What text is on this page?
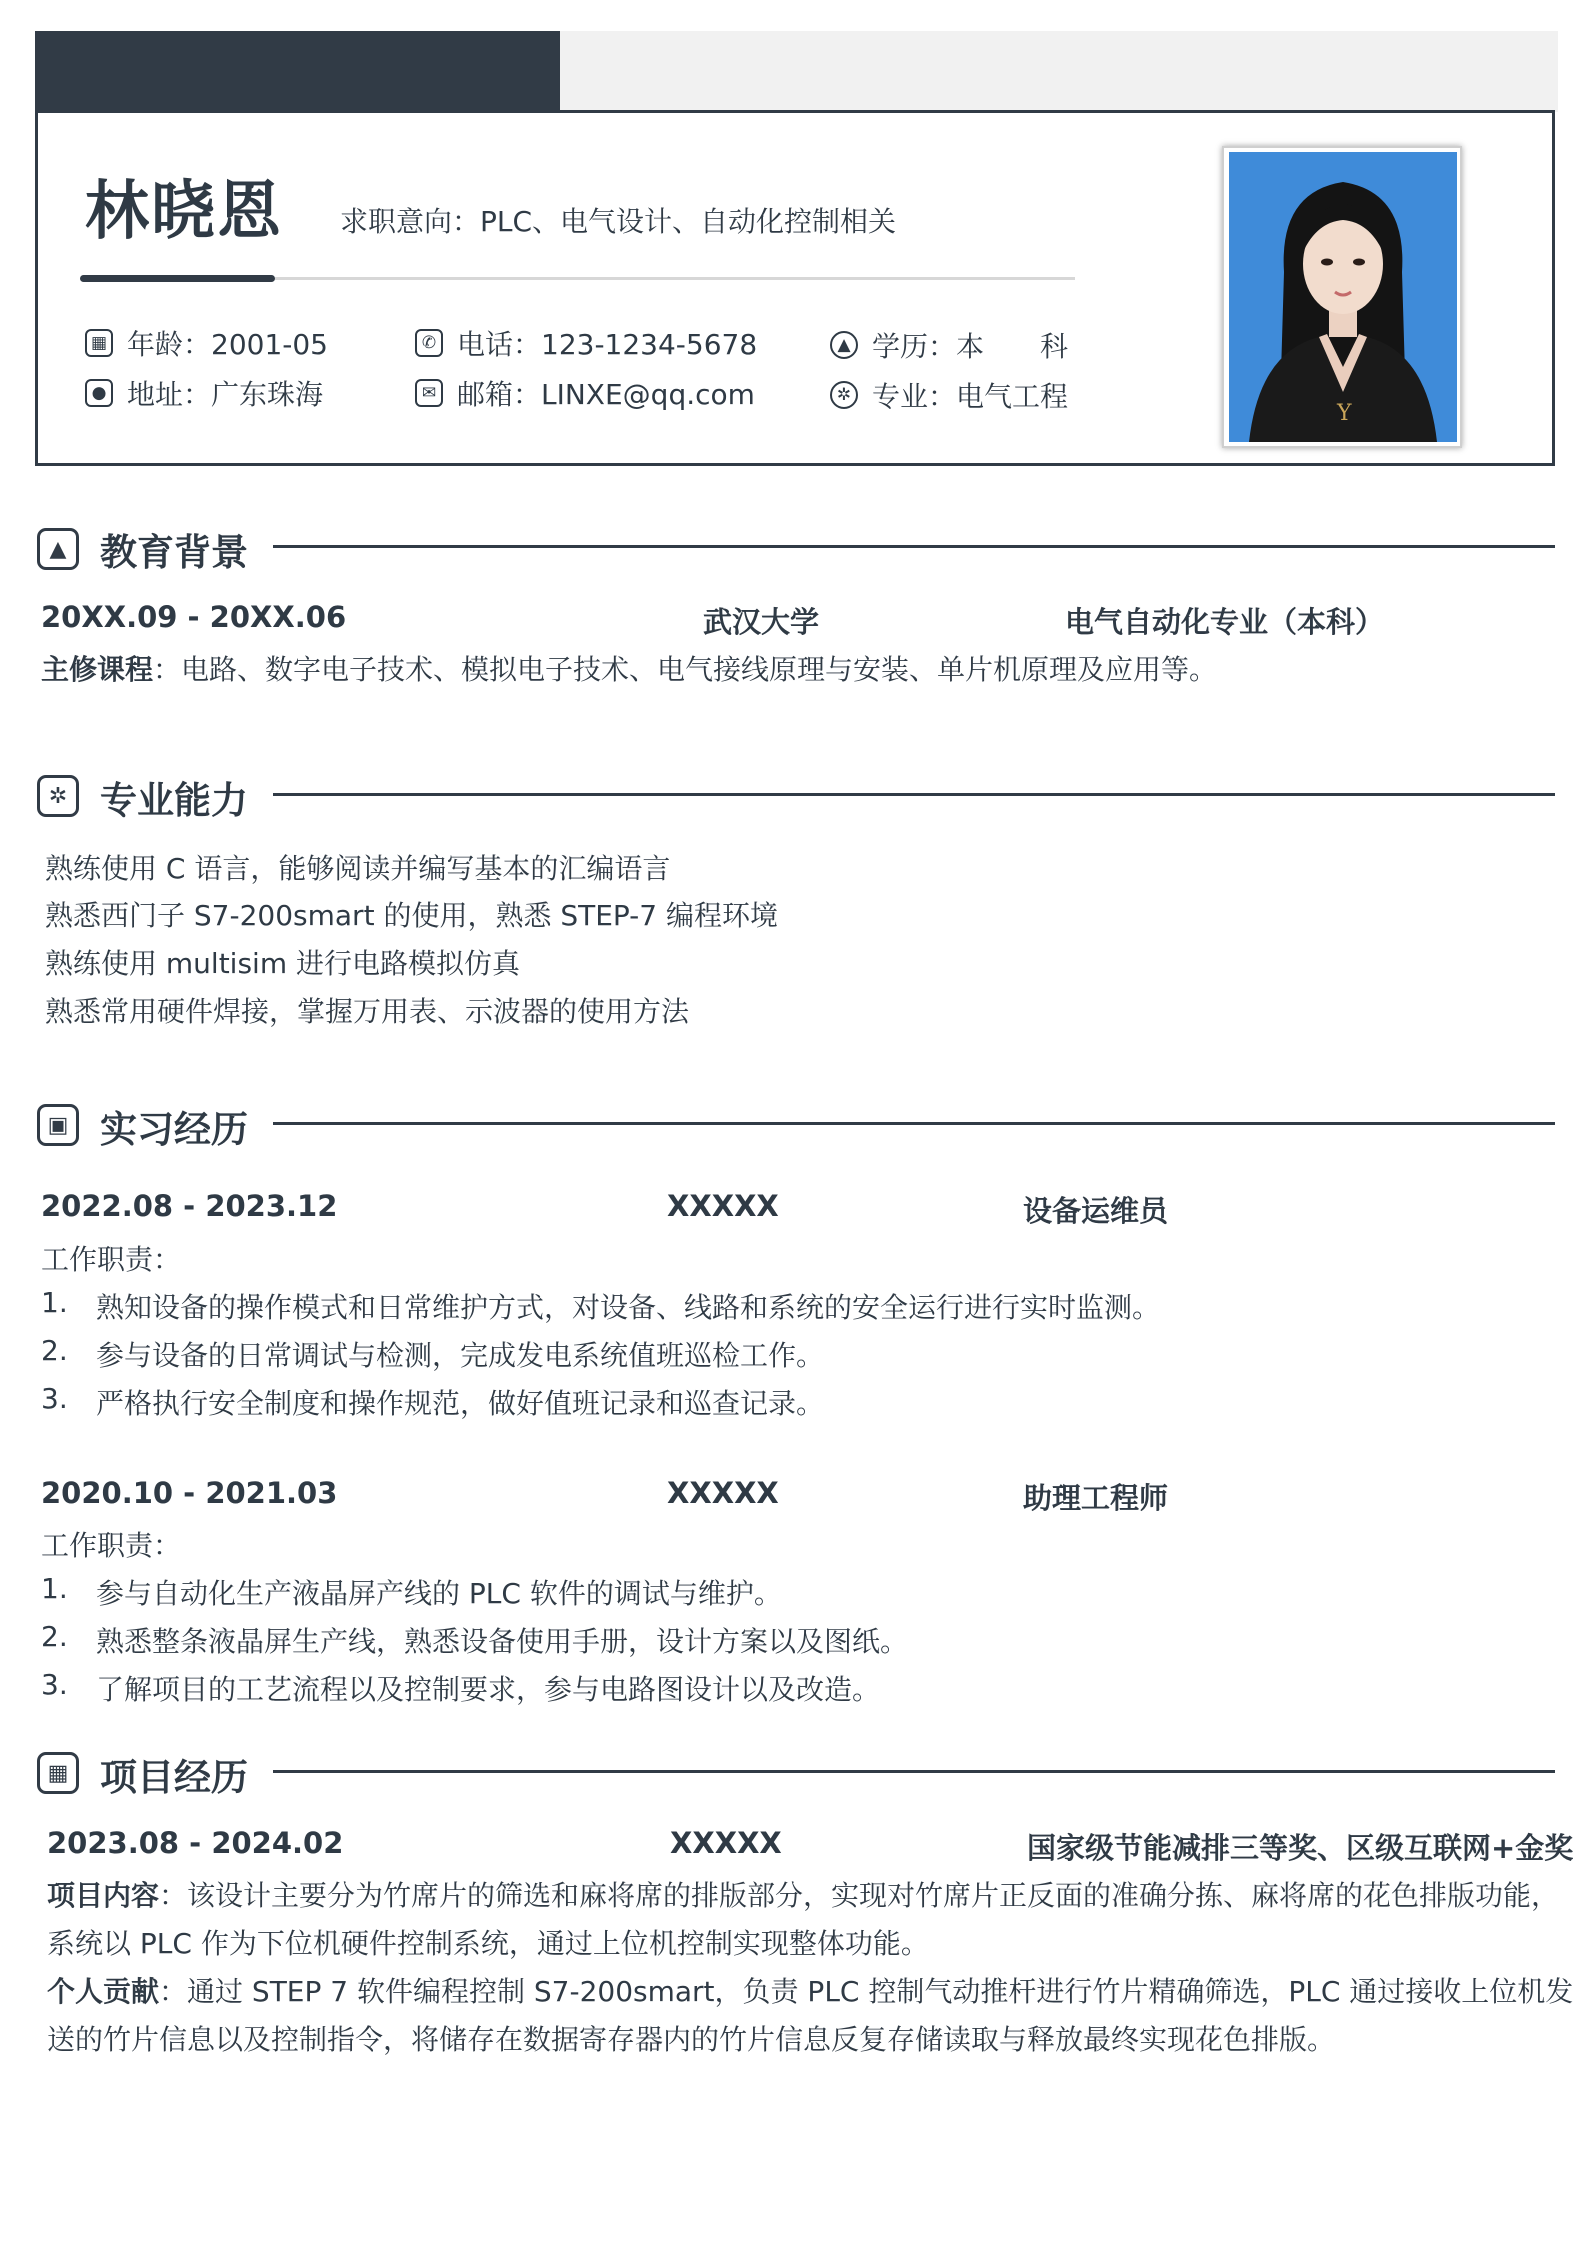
林晓恩 求职意向：PLC、电气设计、自动化控制相关
▦ 年龄：2001-05	✆ 电话：123-1234-5678	▲ 学历：本　　科
● 地址：广东珠海	✉ 邮箱：LINXE@qq.com	✲ 专业：电气工程
Y
▲ 教育背景
20XX.09 - 20XX.06	武汉大学	电气自动化专业（本科）
主修课程：电路、数字电子技术、模拟电子技术、电气接线原理与安装、单片机原理及应用等。
✲ 专业能力
熟练使用 C 语言，能够阅读并编写基本的汇编语言
熟悉西门子 S7-200smart 的使用，熟悉 STEP-7 编程环境
熟练使用 multisim 进行电路模拟仿真
熟悉常用硬件焊接，掌握万用表、示波器的使用方法
▣ 实习经历
2022.08 - 2023.12	XXXXX	设备运维员
工作职责：
1. 熟知设备的操作模式和日常维护方式，对设备、线路和系统的安全运行进行实时监测。
2. 参与设备的日常调试与检测，完成发电系统值班巡检工作。
3. 严格执行安全制度和操作规范，做好值班记录和巡查记录。
2020.10 - 2021.03	XXXXX	助理工程师
工作职责：
1. 参与自动化生产液晶屏产线的 PLC 软件的调试与维护。
2. 熟悉整条液晶屏生产线，熟悉设备使用手册，设计方案以及图纸。
3. 了解项目的工艺流程以及控制要求，参与电路图设计以及改造。
▦ 项目经历
2023.08 - 2024.02	XXXXX	国家级节能减排三等奖、区级互联网+金奖
项目内容：该设计主要分为竹席片的筛选和麻将席的排版部分，实现对竹席片正反面的准确分拣、麻将席的花色排版功能，
系统以 PLC 作为下位机硬件控制系统，通过上位机控制实现整体功能。
个人贡献：通过 STEP 7 软件编程控制 S7-200smart，负责 PLC 控制气动推杆进行竹片精确筛选，PLC 通过接收上位机发
送的竹片信息以及控制指令，将储存在数据寄存器内的竹片信息反复存储读取与释放最终实现花色排版。
